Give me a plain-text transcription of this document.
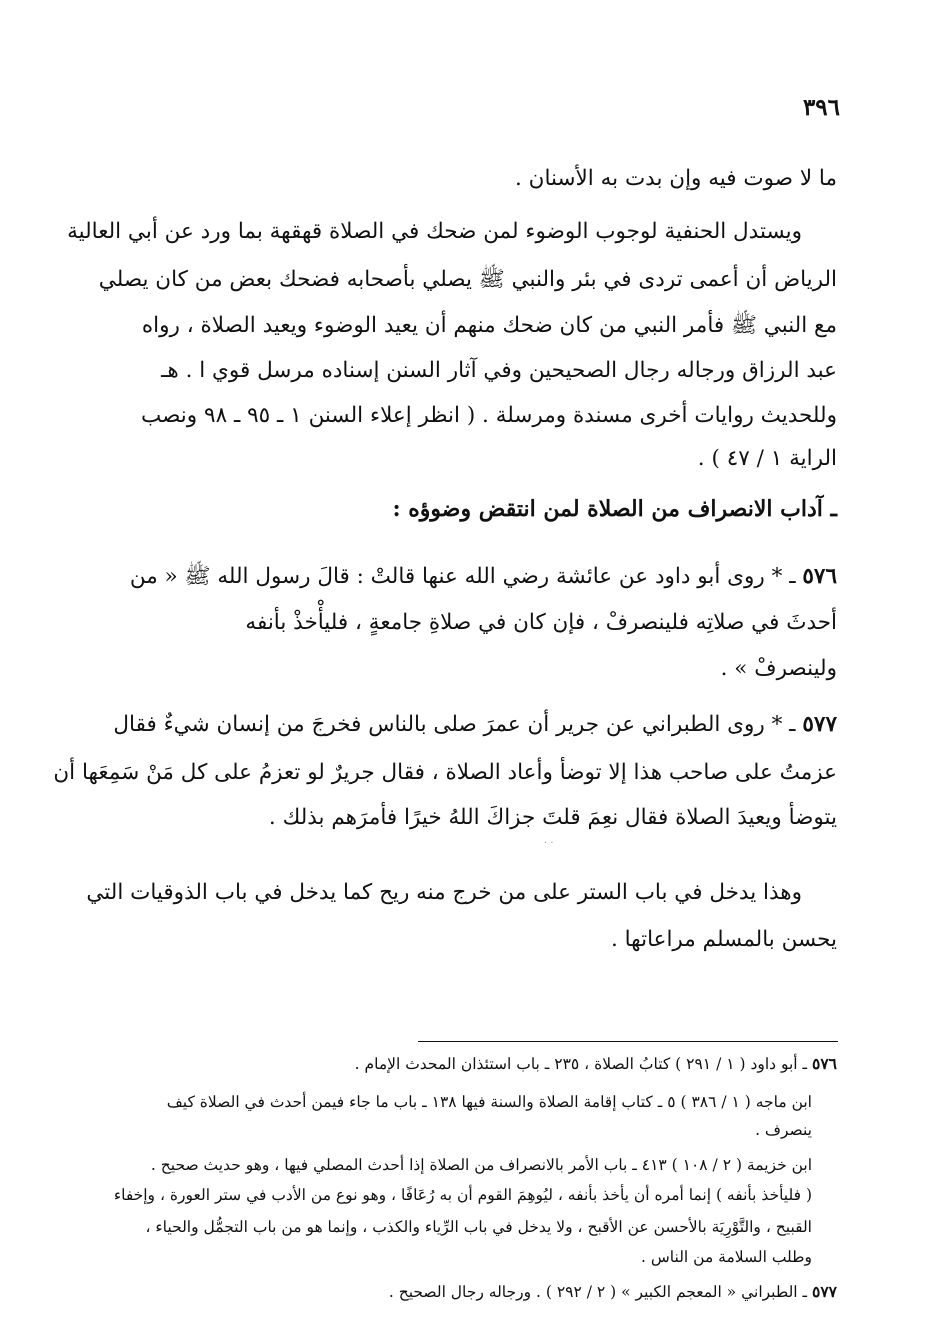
٣٩٦

ما لا صوت فيه وإن بدت به الأسنان .

ويستدل الحنفية لوجوب الوضوء لمن ضحك في الصلاة قهقهة بما ورد عن أبي العالية

الرياض أن أعمى تردى في بئر والنبي ﷺ يصلي بأصحابه فضحك بعض من كان يصلي

مع النبي ﷺ فأمر النبي من كان ضحك منهم أن يعيد الوضوء ويعيد الصلاة ، رواه

عبد الرزاق ورجاله رجال الصحيحين وفي آثار السنن إسناده مرسل قوي ا . هـ

وللحديث روايات أخرى مسندة ومرسلة . ( انظر إعلاء السنن ١ ـ ٩٥ ـ ٩٨ ونصب

الراية ١ / ٤٧ ) .

ـ آداب الانصراف من الصلاة لمن انتقض وضوؤه :

٥٧٦ ـ * روى أبو داود عن عائشة رضي الله عنها قالتْ : قالَ رسول الله ﷺ « من

أحدثَ في صلاتِه فلينصرفْ ، فإن كان في صلاةِ جامعةٍ ، فليأْخذْ بأنفه

ولينصرفْ » .

٥٧٧ ـ * روى الطبراني عن جرير أن عمرَ صلى بالناس فخرجَ من إنسان شيءٌ فقال

عزمتُ على صاحب هذا إلا توضأ وأعاد الصلاة ، فقال جريرٌ لو تعزمُ على كل مَنْ سَمِعَها أن

يتوضأ ويعيدَ الصلاة فقال نعِمَ قلتَ جزاكَ اللهُ خيرًا فأمرَهم بذلك .

· ·

وهذا يدخل في باب الستر على من خرج منه ريح كما يدخل في باب الذوقيات التي

يحسن بالمسلم مراعاتها .

٥٧٦ ـ أبو داود ( ١ / ٢٩١ ) كتابُ الصلاة ، ٢٣٥ ـ باب استئذان المحدث الإمام .

ابن ماجه ( ١ / ٣٨٦ ) ٥ ـ كتاب إقامة الصلاة والسنة فيها ١٣٨ ـ باب ما جاء فيمن أحدث في الصلاة كيف

ينصرف .

ابن خزيمة ( ٢ / ١٠٨ ) ٤١٣ ـ باب الأمر بالانصراف من الصلاة إذا أحدث المصلي فيها ، وهو حديث صحيح .

( فليأخذ بأنفه ) إنما أمره أن يأخذ بأنفه ، ليُوهِمَ القوم أن به رُعَافًا ، وهو نوع من الأدب في ستر العورة ، وإخفاء

القبيح ، والتَّوْرِيَة بالأحسن عن الأقبح ، ولا يدخل في باب الرِّياء والكذب ، وإنما هو من باب التجمُّل والحياء ،

وطلب السلامة من الناس .

٥٧٧ ـ الطبراني « المعجم الكبير » ( ٢ / ٢٩٢ ) . ورجاله رجال الصحيح .
